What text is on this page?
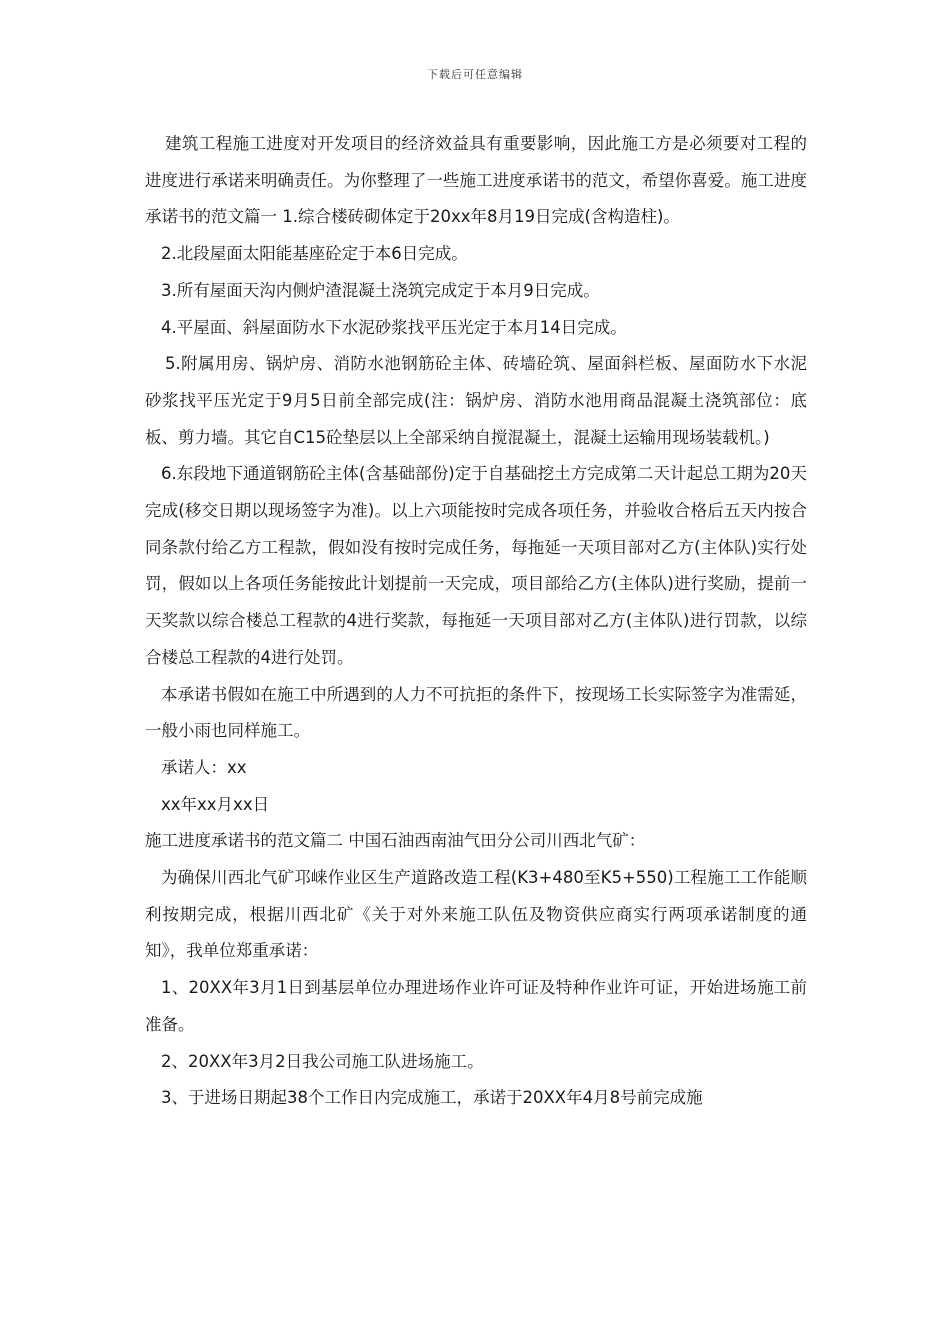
下载后可任意编辑

建筑工程施工进度对开发项目的经济效益具有重要影响，因此施工方是必须要对工程的进度进行承诺来明确责任。为你整理了一些施工进度承诺书的范文，希望你喜爱。施工进度承诺书的范文篇一 1.综合楼砖砌体定于20xx年8月19日完成(含构造柱)。

2.北段屋面太阳能基座砼定于本6日完成。

3.所有屋面天沟内侧炉渣混凝土浇筑完成定于本月9日完成。

4.平屋面、斜屋面防水下水泥砂浆找平压光定于本月14日完成。

5.附属用房、锅炉房、消防水池钢筋砼主体、砖墙砼筑、屋面斜栏板、屋面防水下水泥砂浆找平压光定于9月5日前全部完成(注：锅炉房、消防水池用商品混凝土浇筑部位：底板、剪力墙。其它自C15砼垫层以上全部采纳自搅混凝土，混凝土运输用现场装载机。)

6.东段地下通道钢筋砼主体(含基础部份)定于自基础挖土方完成第二天计起总工期为20天完成(移交日期以现场签字为准)。以上六项能按时完成各项任务，并验收合格后五天内按合同条款付给乙方工程款，假如没有按时完成任务，每拖延一天项目部对乙方(主体队)实行处罚，假如以上各项任务能按此计划提前一天完成，项目部给乙方(主体队)进行奖励，提前一天奖款以综合楼总工程款的4进行奖款，每拖延一天项目部对乙方(主体队)进行罚款，以综合楼总工程款的4进行处罚。

本承诺书假如在施工中所遇到的人力不可抗拒的条件下，按现场工长实际签字为准需延，一般小雨也同样施工。

承诺人：xx

xx年xx月xx日

施工进度承诺书的范文篇二 中国石油西南油气田分公司川西北气矿：

为确保川西北气矿邛崃作业区生产道路改造工程(K3+480至K5+550)工程施工工作能顺利按期完成，根据川西北矿《关于对外来施工队伍及物资供应商实行两项承诺制度的通知》，我单位郑重承诺：

1、20XX年3月1日到基层单位办理进场作业许可证及特种作业许可证，开始进场施工前准备。

2、20XX年3月2日我公司施工队进场施工。

3、于进场日期起38个工作日内完成施工，承诺于20XX年4月8号前完成施
